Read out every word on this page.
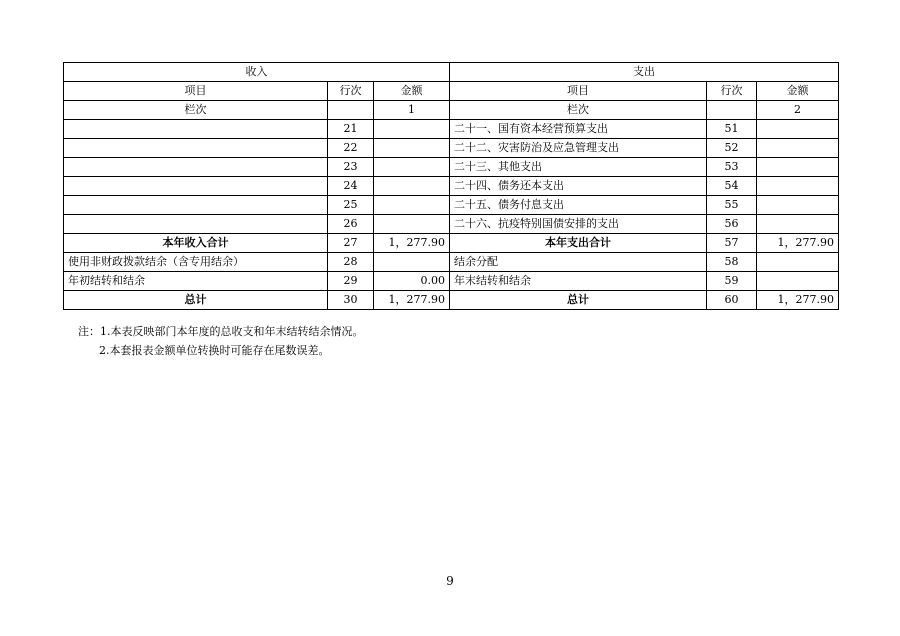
收入			支出		
项目	行次	金额	项目	行次	金额
栏次		1	栏次		2
	21		二十一、国有资本经营预算支出	51	
	22		二十二、灾害防治及应急管理支出	52	
	23		二十三、其他支出	53	
	24		二十四、债务还本支出	54	
	25		二十五、债务付息支出	55	
	26		二十六、抗疫特别国债安排的支出	56	
本年收入合计	27	1，277.90	本年支出合计	57	1，277.90
使用非财政拨款结余（含专用结余）	28		结余分配	58	
年初结转和结余	29	0.00	年末结转和结余	59	
总计	30	1，277.90	总计	60	1，277.90
注：1.本表反映部门本年度的总收支和年末结转结余情况。
2.本套报表金额单位转换时可能存在尾数误差。
9
